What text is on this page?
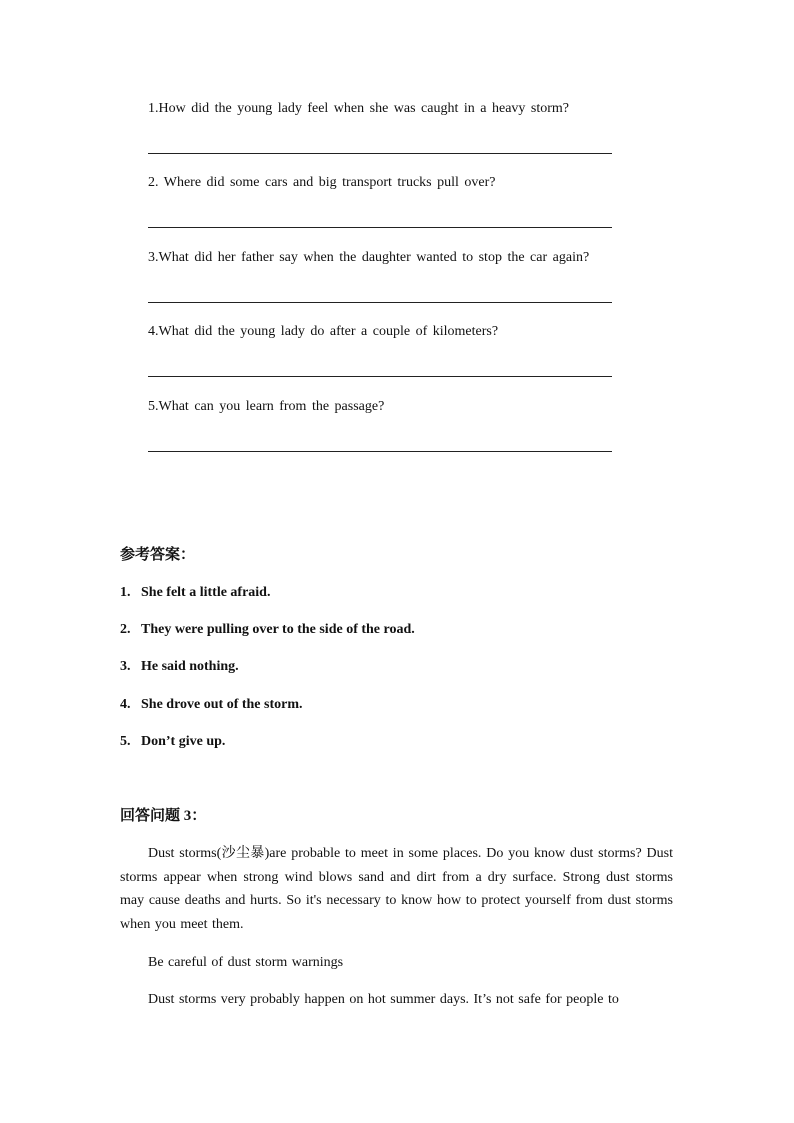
1.How did the young lady feel when she was caught in a heavy storm?
2. Where did some cars and big transport trucks pull over?
3.What did her father say when the daughter wanted to stop the car again?
4.What did the young lady do after a couple of kilometers?
5.What can you learn from the passage?
参考答案：
1. She felt a little afraid.
2. They were pulling over to the side of the road.
3. He said nothing.
4. She drove out of the storm.
5. Don’t give up.
回答问题 3：
Dust storms(沙尘暴)are probable to meet in some places. Do you know dust storms? Dust storms appear when strong wind blows sand and dirt from a dry surface. Strong dust storms may cause deaths and hurts. So it's necessary to know how to protect yourself from dust storms when you meet them.
Be careful of dust storm warnings
Dust storms very probably happen on hot summer days. It’s not safe for people to
